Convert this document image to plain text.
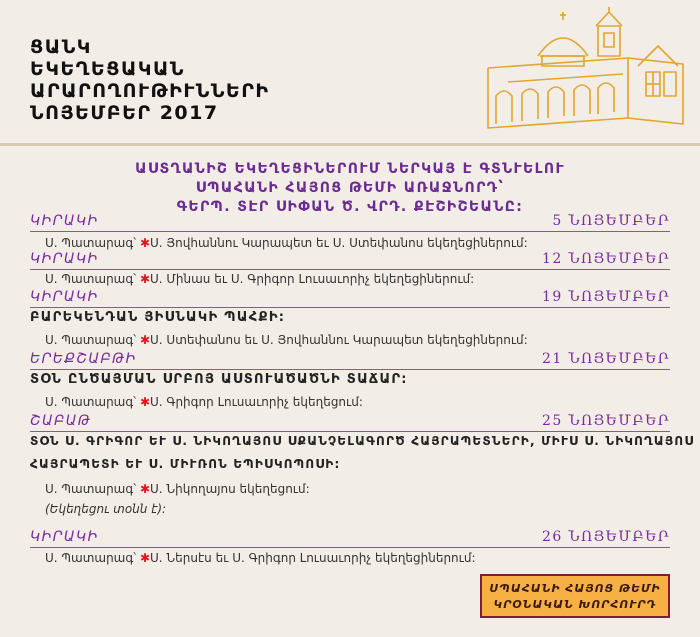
ՑԱՆԿ
ԵԿԵՂԵՑԱԿԱՆ
ԱՐԱՐՈՂՈՒԹԻՒՆՆԵՐԻ
ՆՈՅԵՄԲԵՐ 2017
ԱՍՏՂԱՆԻՇ ԵԿԵՂԵՑԻՆԵՐՈՒՄ ՆԵՐԿԱՅ Է ԳՏՆՒԵԼՈՒ
ՍՊԱՀԱՆԻ ՀԱՅՈՑ ԹԵՄԻ ԱՌԱՋՆՈՐԴ՝
ԳԵՐՊ. ՏԷՐ ՍԻՓԱՆ Ծ. ՎՐԴ. ՔԷՇԻՇԵԱՆԸ:
ԿԻՐԱԿԻ	5 ՆՈՅԵՄԲԵՐ
Ս. Պատարագ՝ ✱Ս. Յովհաննու Կարապետ եւ Ս. Ստեփանոս եկեղեցիներում:
ԿԻՐԱԿԻ	12 ՆՈՅԵՄԲԵՐ
Ս. Պատարագ՝ ✱Ս. Մինաս եւ Ս. Գրիգոր Լուսաւորիչ եկեղեցիներում:
ԿԻՐԱԿԻ	19 ՆՈՅԵՄԲԵՐ
ԲԱՐԵԿԵՆԴԱՆ ՅԻՍՆԱԿԻ ՊԱՀՔԻ:
Ս. Պատարագ՝ ✱Ս. Ստեփանոս եւ Ս. Յովհաննու Կարապետ եկեղեցիներում:
ԵՐԵՔՇԱԲԹԻ	21 ՆՈՅԵՄԲԵՐ
ՏՕՆ ԸՆԾԱՅՄԱՆ ՍՐԲՈՅ ԱՍՏՈՒԱԾԱԾՆԻ ՏԱՃԱՐ:
Ս. Պատարագ՝ ✱Ս. Գրիգոր Լուսաւորիչ եկեղեցում:
ՇԱԲԱԹ	25 ՆՈՅԵՄԲԵՐ
ՏՕՆ Ս. ԳՐԻԳՈՐ ԵՒ Ս. ՆԻԿՈՂԱՅՈՍ ՍՔԱՆՉԵԼԱԳՈՐԾ ՀԱՅՐԱՊԵՏՆԵՐԻ, ՄԻՒՍ Ս. ՆԻԿՈՂԱՅՈՍ
ՀԱՅՐԱՊԵՏԻ ԵՒ Ս. ՄԻՒՌՈՆ ԵՊԻՍԿՈՊՈՍԻ:
Ս. Պատարագ՝ ✱Ս. Նիկողայոս եկեղեցում:
(Եկեղեցու տօնն է):
ԿԻՐԱԿԻ	26 ՆՈՅԵՄԲԵՐ
Ս. Պատարագ՝ ✱Ս. Ներսէս եւ Ս. Գրիգոր Լուսաւորիչ եկեղեցիներում:
ՍՊԱՀԱՆԻ ՀԱՅՈՑ ԹԵՄԻ
ԿՐՕՆԱԿԱՆ ԽՈՐՀՈՒՐԴ
